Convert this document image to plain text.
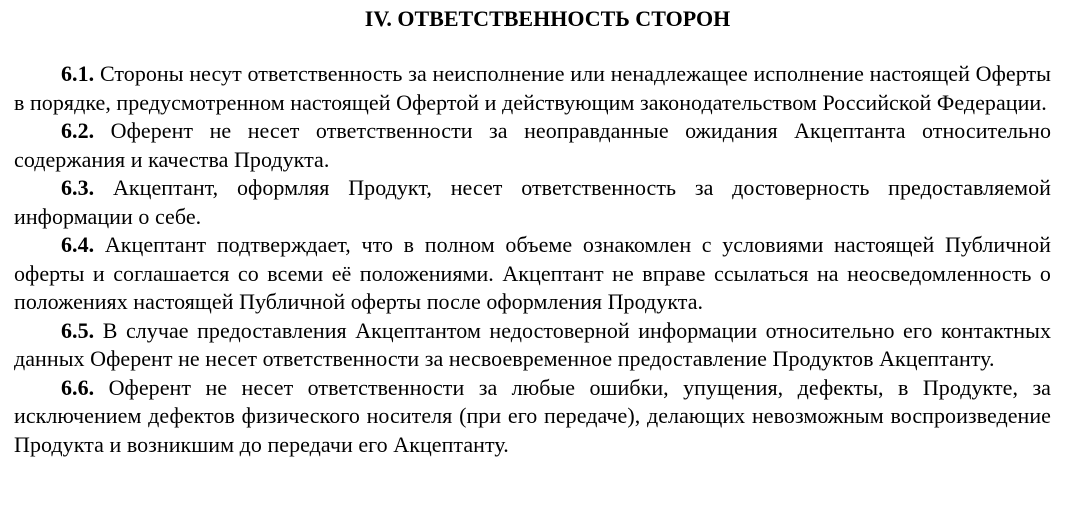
IV. ОТВЕТСТВЕННОСТЬ СТОРОН

6.1. Стороны несут ответственность за неисполнение или ненадлежащее исполнение настоящей Оферты в порядке, предусмотренном настоящей Офертой и действующим законодательством Российской Федерации.

6.2. Оферент не несет ответственности за неоправданные ожидания Акцептанта относительно содержания и качества Продукта.

6.3. Акцептант, оформляя Продукт, несет ответственность за достоверность предоставляемой информации о себе.

6.4. Акцептант подтверждает, что в полном объеме ознакомлен с условиями настоящей Публичной оферты и соглашается со всеми её положениями. Акцептант не вправе ссылаться на неосведомленность о положениях настоящей Публичной оферты после оформления Продукта.

6.5. В случае предоставления Акцептантом недостоверной информации относительно его контактных данных Оферент не несет ответственности за несвоевременное предоставление Продуктов Акцептанту.

6.6. Оферент не несет ответственности за любые ошибки, упущения, дефекты, в Продукте, за исключением дефектов физического носителя (при его передаче), делающих невозможным воспроизведение Продукта и возникшим до передачи его Акцептанту.
